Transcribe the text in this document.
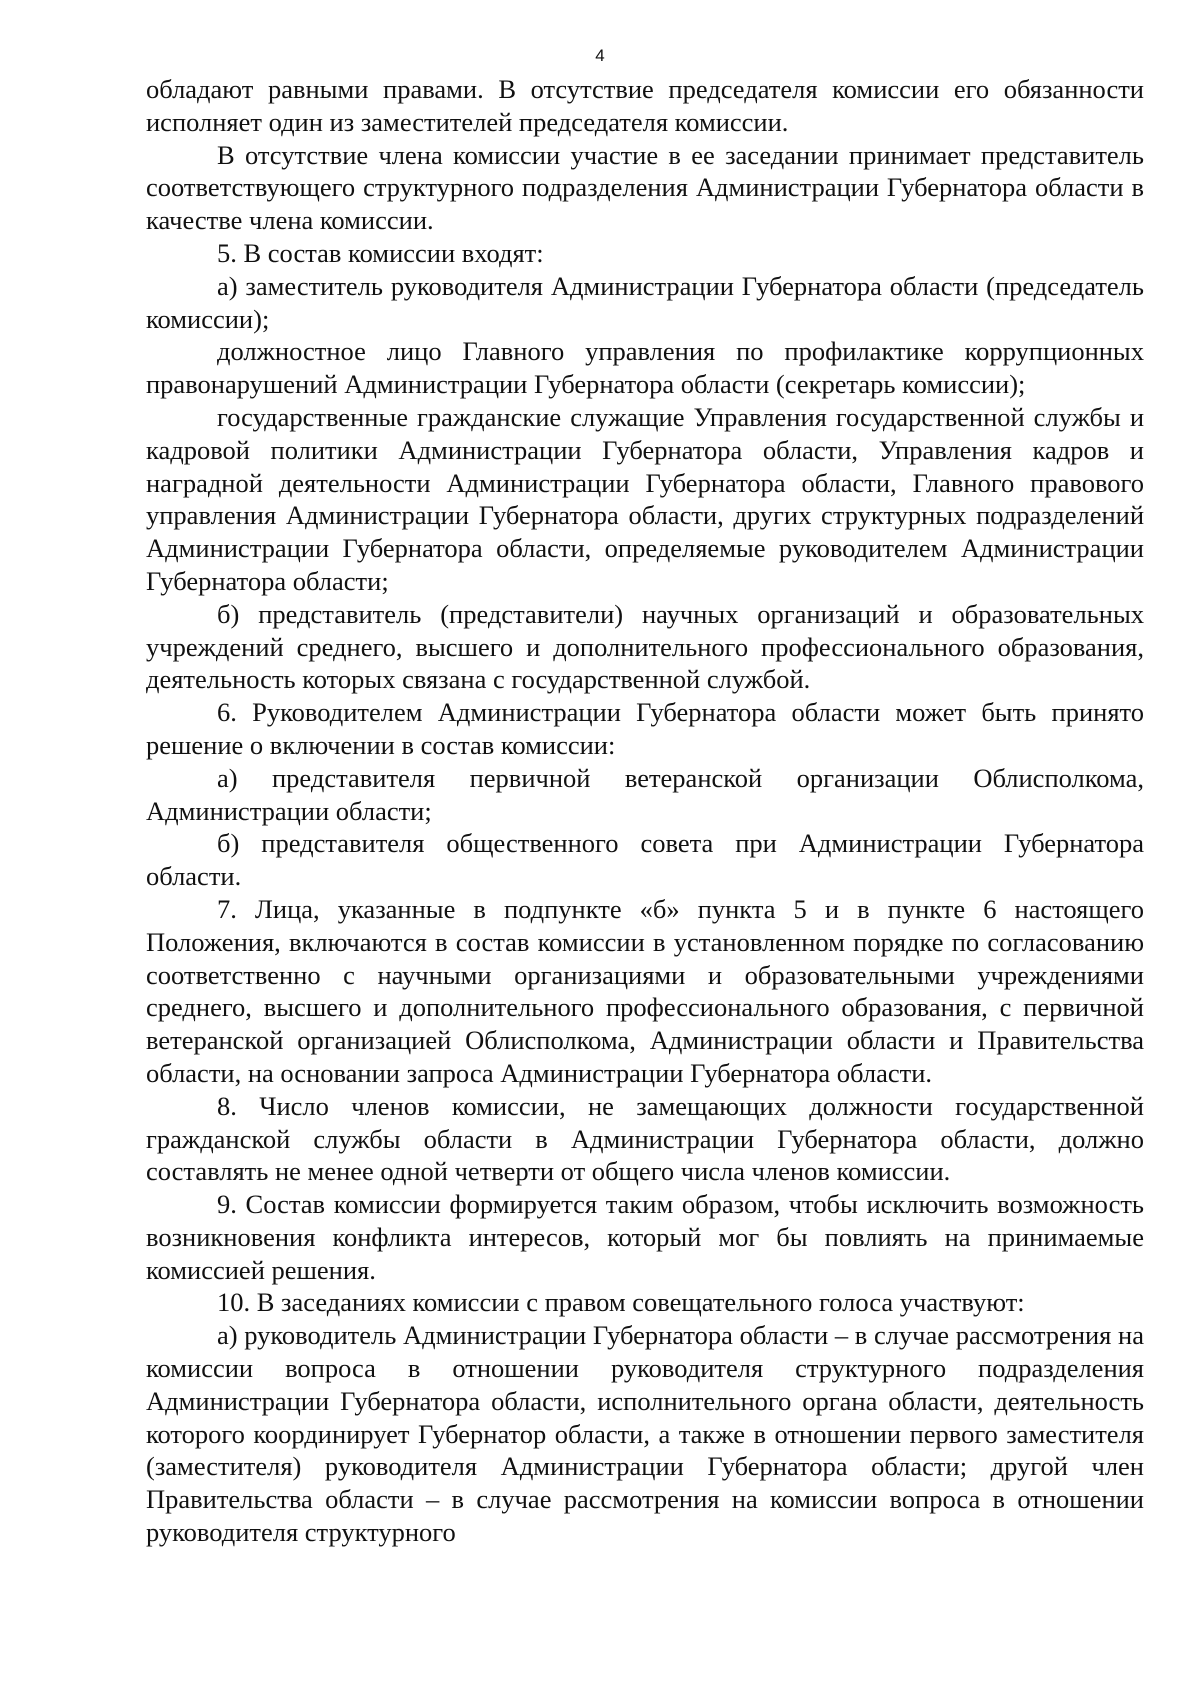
4

обладают равными правами. В отсутствие председателя комиссии его обязанности исполняет один из заместителей председателя комиссии.

В отсутствие члена комиссии участие в ее заседании принимает представитель соответствующего структурного подразделения Администрации Губернатора области в качестве члена комиссии.

5. В состав комиссии входят:

а) заместитель руководителя Администрации Губернатора области (председатель комиссии);

должностное лицо Главного управления по профилактике коррупционных правонарушений Администрации Губернатора области (секретарь комиссии);

государственные гражданские служащие Управления государственной службы и кадровой политики Администрации Губернатора области, Управления кадров и наградной деятельности Администрации Губернатора области, Главного правового управления Администрации Губернатора области, других структурных подразделений Администрации Губернатора области, определяемые руководителем Администрации Губернатора области;

б) представитель (представители) научных организаций и образовательных учреждений среднего, высшего и дополнительного профессионального образования, деятельность которых связана с государственной службой.

6. Руководителем Администрации Губернатора области может быть принято решение о включении в состав комиссии:

а) представителя первичной ветеранской организации Облисполкома, Администрации области;

б) представителя общественного совета при Администрации Губернатора области.

7. Лица, указанные в подпункте «б» пункта 5 и в пункте 6 настоящего Положения, включаются в состав комиссии в установленном порядке по согласованию соответственно с научными организациями и образовательными учреждениями среднего, высшего и дополнительного профессионального образования, с первичной ветеранской организацией Облисполкома, Администрации области и Правительства области, на основании запроса Администрации Губернатора области.

8. Число членов комиссии, не замещающих должности государственной гражданской службы области в Администрации Губернатора области, должно составлять не менее одной четверти от общего числа членов комиссии.

9. Состав комиссии формируется таким образом, чтобы исключить возможность возникновения конфликта интересов, который мог бы повлиять на принимаемые комиссией решения.

10. В заседаниях комиссии с правом совещательного голоса участвуют:

а) руководитель Администрации Губернатора области – в случае рассмотрения на комиссии вопроса в отношении руководителя структурного подразделения Администрации Губернатора области, исполнительного органа области, деятельность которого координирует Губернатор области, а также в отношении первого заместителя (заместителя) руководителя Администрации Губернатора области; другой член Правительства области – в случае рассмотрения на комиссии вопроса в отношении руководителя структурного
